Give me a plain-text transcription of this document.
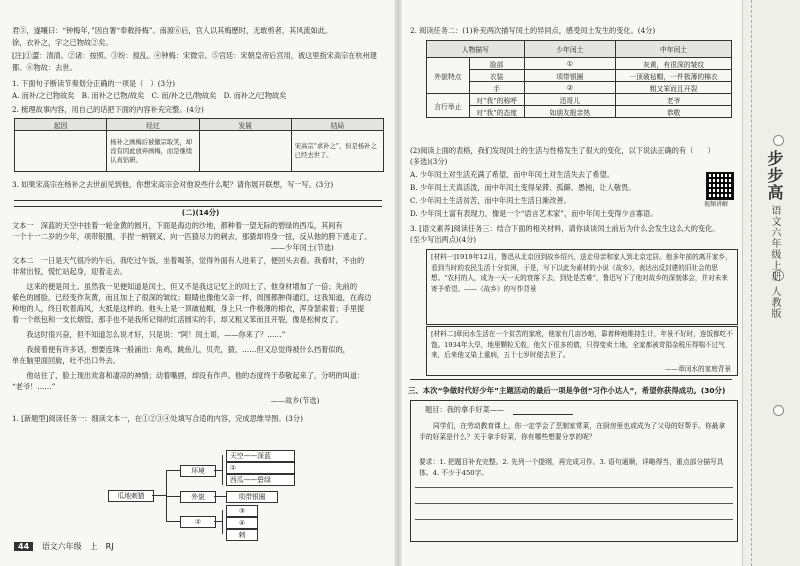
君⑤，遂嚷曰：“钟梅年，”因自署“奉敕持梅”。南渡⑥后，官人以其梅歷时，无敢剪者，其风流如此。

徐，衣补之，字之已物故②矣。

[注]①澀：清清。②诸：按照。③纷：搅乱。④钟梅：宋微宗。⑤宫廷：宋朝皇帝后宫用，被这里指宋高宗在杭州建

都。⑥物故：去世。

1. 下面句子断读节奏划分正确的一项是（　）(3分)

A. 而补/之已物故矣　B. 而补之已物/故矣　C. 而/补之已/物故矣　D. 而补之/已物故矣

2. 梳理故事内容，用自己的话把下面的内容补充完整。(4分)

起因	经过	发展	结局
	杨补之画梅后被徽宗取笑，却没有因此放弃画梅，而是继续认真钻研。		宋高宗“求补之”，但是杨补之已经去世了。

3. 如果宋高宗在杨补之去世前见到他，你想宋高宗会对他说些什么呢？请你展开联想，写一写。(3分)

(二)(14分)

文本一　深蓝的天空中挂着一轮金黄的圆月，下面是海边的沙地，都种着一望无际的碧绿的西瓜，其间有

一个十一二岁的少年，项带银圈，手捏一柄钢叉，向一匹猹尽力的刺去，那猹却将身一扭，反从他的胯下逃走了。

　　　　　　　　　　　　　　　　　　　　　　　　　　　　　　　　　　　　——少年闰土(节选)

文本二　一日是天气很冷的午后，我吃过午饭，坐着喝茶，觉得外面有人进来了，便回头去看。我看时，不由的

非常出惊，慌忙站起身，迎着走去。

　　这来的便是闰土。虽然我一见便知道是闰土，但又不是我这记忆上的闰土了。他身材增加了一倍；先前的

紫色的圆脸，已经变作灰黄，而且加上了很深的皱纹；眼睛也像他父亲一样，周围都肿得通红，这我知道，在海边

种地的人，终日吹着海风，大抵是这样的。他头上是一顶破毡帽，身上只一件极薄的棉衣，浑身瑟索着；手里提

着一个纸包和一支长烟管，那手也不是我所记得的红活圆实的手，却又粗又笨而且开裂，像是松树皮了。

　　我这时很兴奋，但不知道怎么说才好，只是说：“阿！闰土哥，——你来了？……”

　　我接着便有许多话，想要连珠一般涌出：角鸡，跳鱼儿，贝壳，猹，……但又总觉得被什么挡着似的，

单在脑里面回旋，吐不出口外去。

　　他站住了，脸上现出欢喜和凄凉的神情；动着嘴唇，却没有作声。他的态度终于恭敬起来了，分明的叫道：

“老爷！……”

　　　　　　　　　　　　　　　　　　　　　　　　　　　　　　　　　　　　——故乡(节选)

1. [新题型]阅读任务一：细读文本一，在①②③④处填写合适的内容，完成思维导图。(3分)

瓜地刺猹
环境
天空——深蓝
①
西瓜——碧绿
外貌	项带银圈
②
③
④
刺
44 语文六年级　上　RJ

2. 阅读任务二：(1)补充两次描写闰土的异同点，感受闰土发生的变化。(4分)

人物描写		少年闰土	中年闰土
外貌特点	脸部	①	灰黄，有很深的皱纹
	衣装	项带银圈	一顶破毡帽，一件极薄的棉衣
	手	②	粗又笨而且开裂
言行举止	对“我”的称呼	迅哥儿	老爷
	对“我”的态度	如朋友般亲热	恭敬

(2)阅读上面的表格，我们发现闰土的生活与性格发生了很大的变化，以下说法正确的有（　　）

(多选)(3分)

A. 少年闰土对生活充满了希望，而中年闰土对生活失去了希望。

B. 少年闰土天真活泼，而中年闰土变得呆滞、孤僻、愚钝，让人敬畏。

C. 少年闰土生活贫苦，而中年闰土生活日渐改善。

D. 少年闰土富有表现力，像是一个“语言艺术家”，而中年闰土变得少言寡语。

视频讲解

3. [语文素养]阅读任务三：结合下面的相关材料，请你谈谈闰土前后为什么会发生这么大的变化。

(至少写出两点)(4分)

[材料一]1919年12月，鲁迅从北京回到故乡绍兴，送走母亲和家人到北京定居。他多年前的离开家乡，看到当时的农民生活十分贫困，于是，写下以此为素材的小说《故乡》，表达出反封建的旧社会的思想。“农村的人，成为一天一天的衰落下去，到处是苦难”，鲁迅写下了他对故乡的深刻体会，并对未来寄予希望。——《故乡》的写作背景

[材料二]章闰水生活在一个贫苦的家庭，他家有几亩沙地，靠着种地维持生计，年景不好时，连饭都吃不饱。1934年大旱，地里颗粒无收，他欠下很多的债，只得变卖土地，全家都被苛捐杂税压得喘不过气来，后来他又染上重病，五十七岁时便去世了。

——章闰水的家庭背景

三、本次“争做时代好少年”主题活动的最后一项是争创“习作小达人”，希望你获得成功。(30分)

题目：我的拿手好菜——

同学们，在劳动教育课上，你一定学会了烹制家常菜，在厨房里也或成为了父母的好帮手。你最拿手的好菜是什么？关于拿手好菜，你有哪些想要分享的呢？

要求：1. 把题目补充完整。2. 先列一个提纲，再完成习作。3. 语句通顺，详略得当，重点部分描写具体。4. 不少于450字。

步步高 语文六年级上册 人教版
